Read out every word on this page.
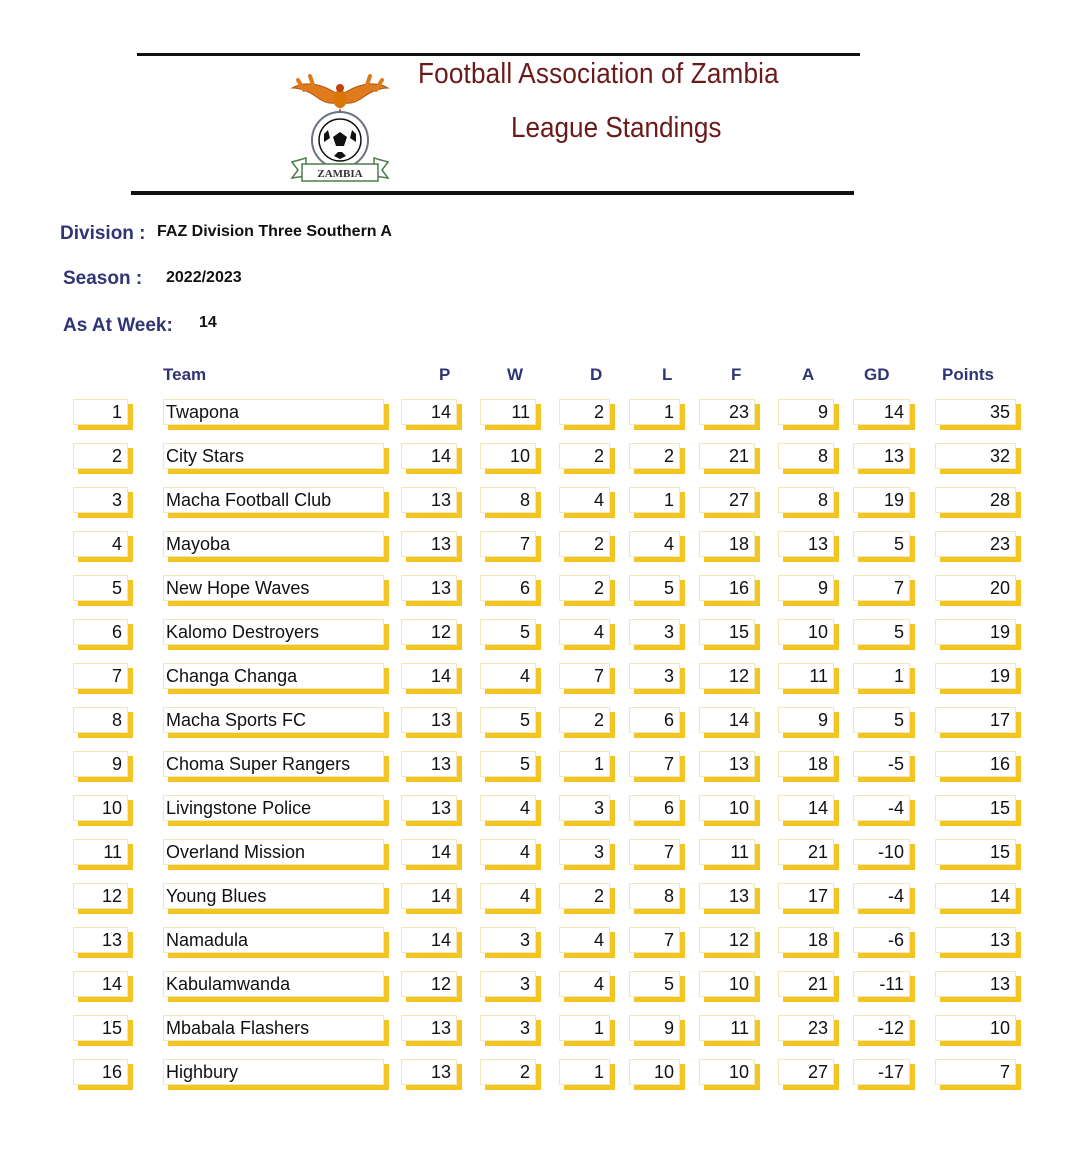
ZAMBIA
Football Association of Zambia
League Standings
Division : FAZ Division Three Southern A
Season : 2022/2023
As At Week: 14
Team	P	W	D	L	F	A	GD	Points
1	Twapona	14	11	2	1	23	9	14	35
2	City Stars	14	10	2	2	21	8	13	32
3	Macha Football Club	13	8	4	1	27	8	19	28
4	Mayoba	13	7	2	4	18	13	5	23
5	New Hope Waves	13	6	2	5	16	9	7	20
6	Kalomo Destroyers	12	5	4	3	15	10	5	19
7	Changa Changa	14	4	7	3	12	11	1	19
8	Macha Sports FC	13	5	2	6	14	9	5	17
9	Choma Super Rangers	13	5	1	7	13	18	-5	16
10	Livingstone Police	13	4	3	6	10	14	-4	15
11	Overland Mission	14	4	3	7	11	21	-10	15
12	Young Blues	14	4	2	8	13	17	-4	14
13	Namadula	14	3	4	7	12	18	-6	13
14	Kabulamwanda	12	3	4	5	10	21	-11	13
15	Mbabala Flashers	13	3	1	9	11	23	-12	10
16	Highbury	13	2	1	10	10	27	-17	7
